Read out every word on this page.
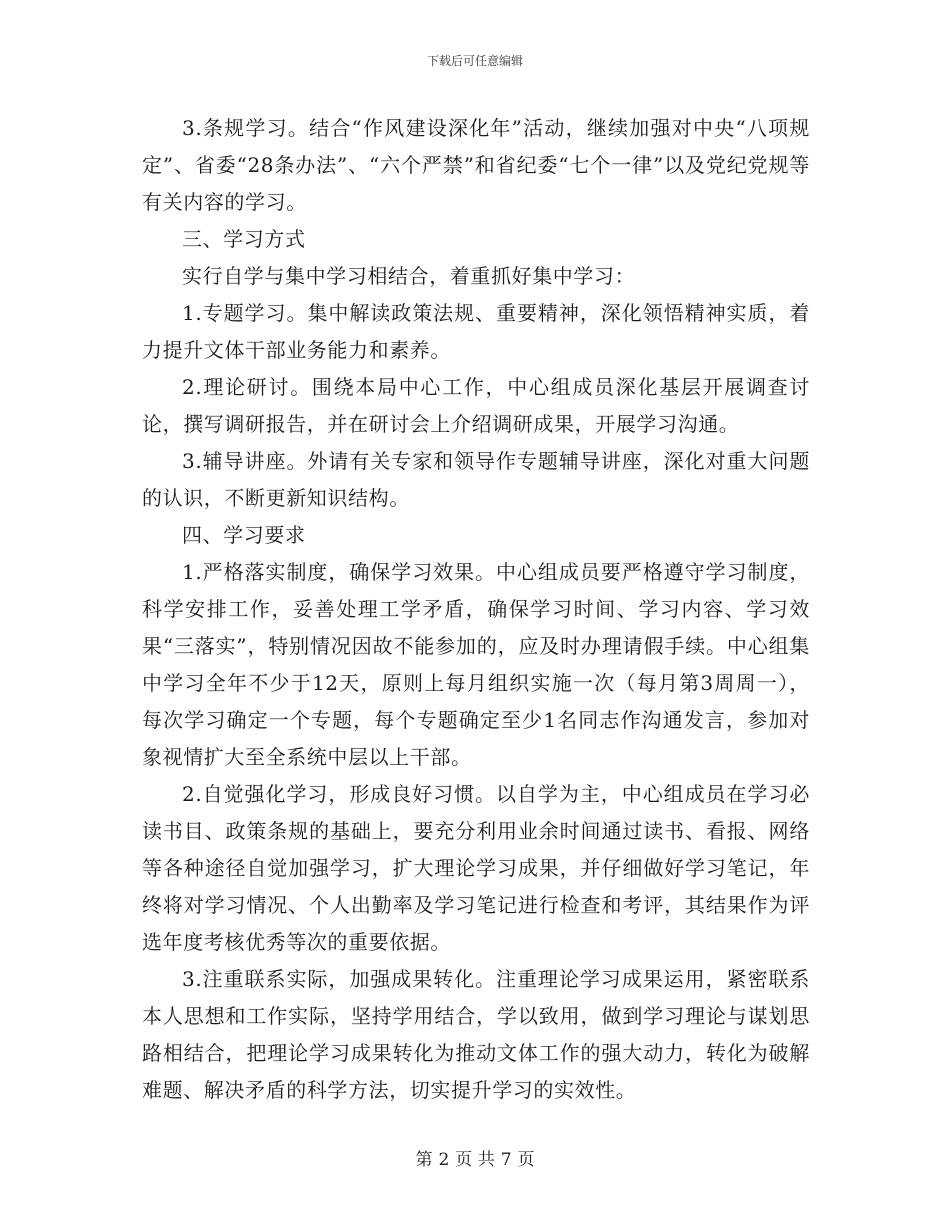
下载后可任意编辑

3.条规学习。结合“作风建设深化年”活动，继续加强对中央“八项规定”、省委“28条办法”、“六个严禁”和省纪委“七个一律”以及党纪党规等有关内容的学习。

三、学习方式

实行自学与集中学习相结合，着重抓好集中学习：

1.专题学习。集中解读政策法规、重要精神，深化领悟精神实质，着力提升文体干部业务能力和素养。

2.理论研讨。围绕本局中心工作，中心组成员深化基层开展调查讨论，撰写调研报告，并在研讨会上介绍调研成果，开展学习沟通。

3.辅导讲座。外请有关专家和领导作专题辅导讲座，深化对重大问题的认识，不断更新知识结构。

四、学习要求

1.严格落实制度，确保学习效果。中心组成员要严格遵守学习制度，科学安排工作，妥善处理工学矛盾，确保学习时间、学习内容、学习效果“三落实”，特别情况因故不能参加的，应及时办理请假手续。中心组集中学习全年不少于12天，原则上每月组织实施一次（每月第3周周一），每次学习确定一个专题，每个专题确定至少1名同志作沟通发言，参加对象视情扩大至全系统中层以上干部。

2.自觉强化学习，形成良好习惯。以自学为主，中心组成员在学习必读书目、政策条规的基础上，要充分利用业余时间通过读书、看报、网络等各种途径自觉加强学习，扩大理论学习成果，并仔细做好学习笔记，年终将对学习情况、个人出勤率及学习笔记进行检查和考评，其结果作为评选年度考核优秀等次的重要依据。

3.注重联系实际，加强成果转化。注重理论学习成果运用，紧密联系本人思想和工作实际，坚持学用结合，学以致用，做到学习理论与谋划思路相结合，把理论学习成果转化为推动文体工作的强大动力，转化为破解难题、解决矛盾的科学方法，切实提升学习的实效性。

第 2 页 共 7 页
